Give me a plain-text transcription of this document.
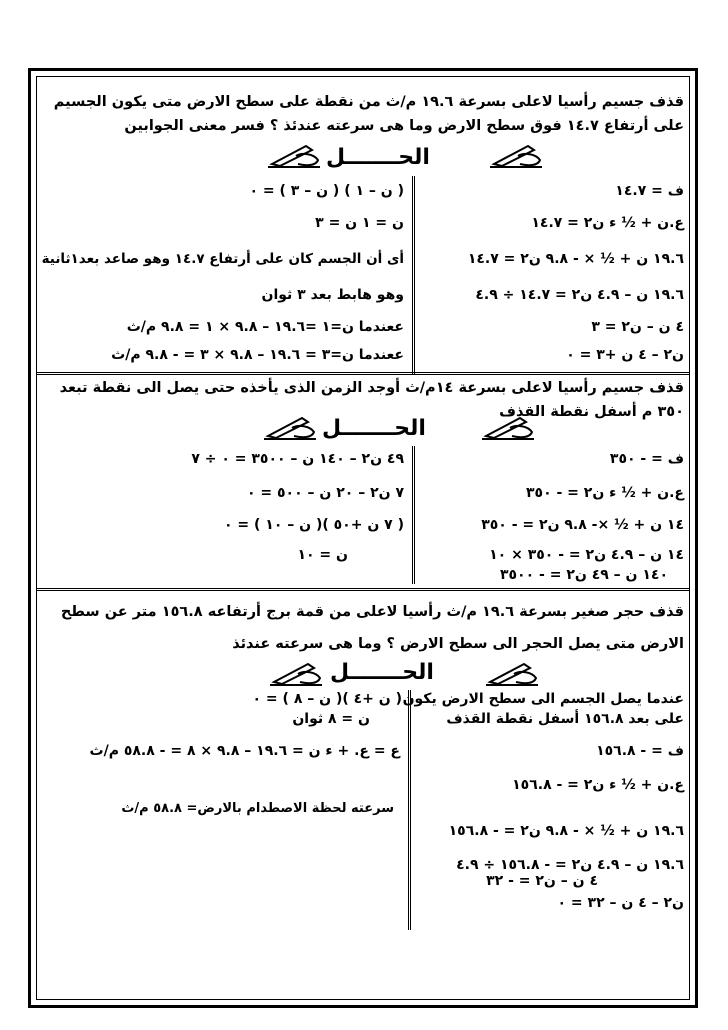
قذف جسيم رأسيا لاعلى بسرعة ١٩.٦ م/ث من نقطة على سطح الارض متى يكون الجسيم على أرتفاع ١٤.٧ فوق سطح الارض وما هى سرعته عندئذ ؟ فسر معنى الجوابين
الحـــــــل
ف = ١٤.٧
ع.ن + ½ ء ن٢ = ١٤.٧
١٩.٦ ن + ½ × - ٩.٨ ن٢ = ١٤.٧
١٩.٦ ن – ٤.٩ ن٢ = ١٤.٧ ÷ ٤.٩
٤ ن – ن٢ = ٣
ن٢ – ٤ ن +٣ = ٠
( ن – ١ ) ( ن – ٣ ) = ٠
ن = ١ ن = ٣
أى أن الجسم كان على أرتفاع ١٤.٧ وهو صاعد بعد١ثانية
وهو هابط بعد ٣ ثوان
ععندما ن=١ =١٩.٦ – ٩.٨ × ١ = ٩.٨ م/ث
ععندما ن=٣ = ١٩.٦ – ٩.٨ × ٣ = - ٩.٨ م/ث
قذف جسيم رأسيا لاعلى بسرعة ١٤م/ث أوجد الزمن الذى يأخذه حتى يصل الى نقطة تبعد ٣٥٠ م أسفل نقطة القذف
الحـــــــل
ف = - ٣٥٠
ع.ن + ½ ء ن٢ = - ٣٥٠
١٤ ن + ½ ×- ٩.٨ ن٢ = - ٣٥٠
١٤ ن – ٤.٩ ن٢ = - ٣٥٠ × ١٠
١٤٠ ن – ٤٩ ن٢ = - ٣٥٠٠
٤٩ ن٢ – ١٤٠ ن – ٣٥٠٠ = ٠ ÷ ٧
٧ ن٢ – ٢٠ ن – ٥٠٠ = ٠
( ٧ ن +٥٠ )( ن – ١٠ ) = ٠
ن = ١٠
قذف حجر صغير بسرعة ١٩.٦ م/ث رأسيا لاعلى من قمة برج أرتفاعه ١٥٦.٨ متر عن سطح الارض متى يصل الحجر الى سطح الارض ؟ وما هى سرعته عندئذ
الحـــــــل
عندما يصل الجسم الى سطح الارض يكون
على بعد ١٥٦.٨ أسفل نقطة القذف
ف = - ١٥٦.٨
ع.ن + ½ ء ن٢ = - ١٥٦.٨
١٩.٦ ن + ½ × - ٩.٨ ن٢ = - ١٥٦.٨
١٩.٦ ن – ٤.٩ ن٢ = - ١٥٦.٨ ÷ ٤.٩
٤ ن – ن٢ = - ٣٢
ن٢ – ٤ ن – ٣٢ = ٠
( ن +٤ )( ن – ٨ ) = ٠
ن = ٨ ثوان
ع = ع. + ء ن = ١٩.٦ – ٩.٨ × ٨ = - ٥٨.٨ م/ث
سرعته لحظة الاصطدام بالارض= ٥٨.٨ م/ث
